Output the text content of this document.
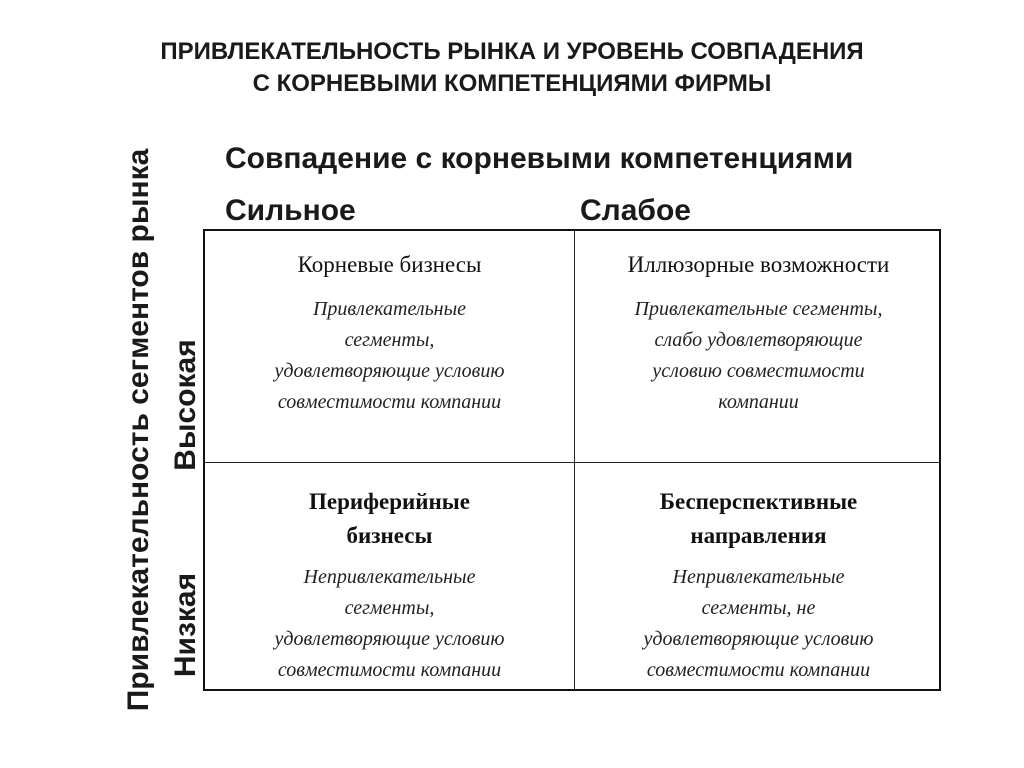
ПРИВЛЕКАТЕЛЬНОСТЬ РЫНКА И УРОВЕНЬ СОВПАДЕНИЯ
С КОРНЕВЫМИ КОМПЕТЕНЦИЯМИ ФИРМЫ
Совпадение с корневыми компетенциями
Сильное	Слабое
Привлекательность сегментов рынка Высокая
Низкая
Корневые бизнесы
Привлекательные
сегменты,
удовлетворяющие условию
совместимости компании
Иллюзорные возможности
Привлекательные сегменты,
слабо удовлетворяющие
условию совместимости
компании
Периферийные
бизнесы
Непривлекательные
сегменты,
удовлетворяющие условию
совместимости компании
Бесперспективные
направления
Непривлекательные
сегменты, не
удовлетворяющие условию
совместимости компании
